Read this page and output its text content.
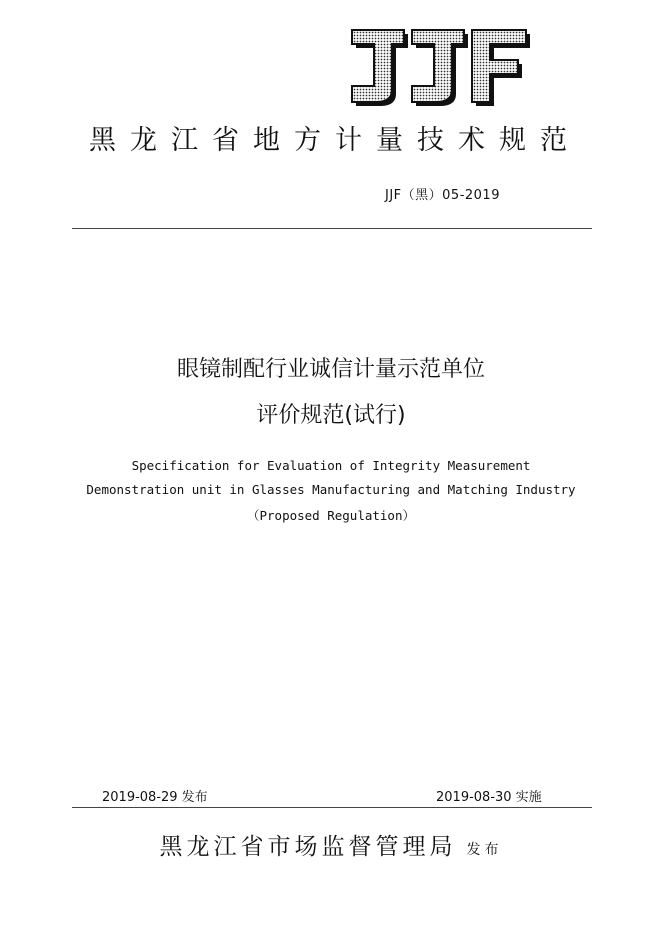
黑龙江省地方计量技术规范
JJF（黑）05-2019
眼镜制配行业诚信计量示范单位
评价规范(试行)
Specification for Evaluation of Integrity Measurement
Demonstration unit in Glasses Manufacturing and Matching Industry
（Proposed Regulation）
2019-08-29 发布	2019-08-30 实施
黑龙江省市场监督管理局 发布
